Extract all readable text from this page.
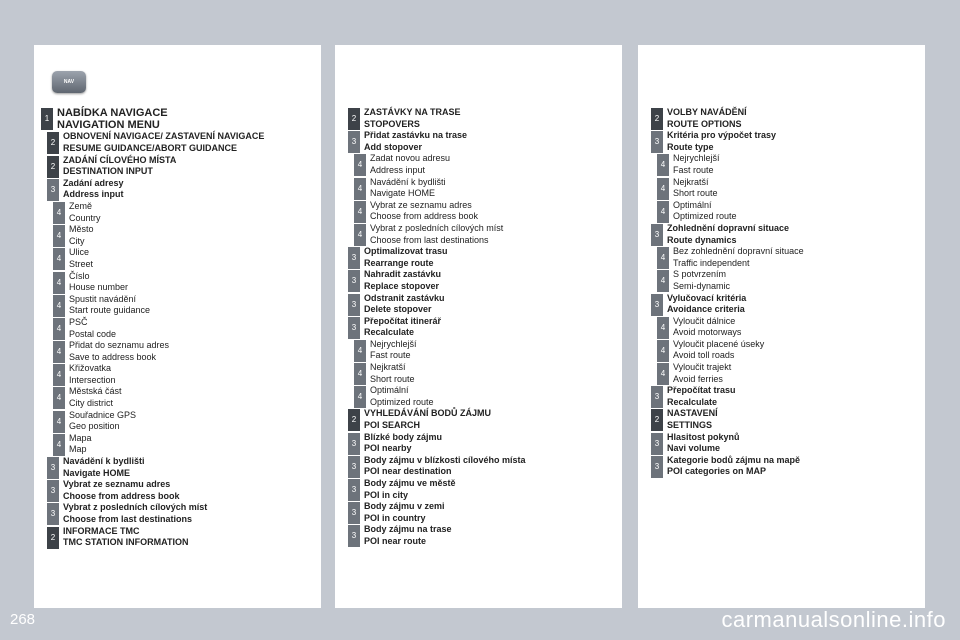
NAV
1 NABÍDKA NAVIGACE
NAVIGATION MENU
2
OBNOVENÍ NAVIGACE/ ZASTAVENÍ NAVIGACE
RESUME GUIDANCE/ABORT GUIDANCE
2
ZADÁNÍ CÍLOVÉHO MÍSTA
DESTINATION INPUT
3
Zadání adresy
Address input
4
Země
Country
4
Město
City
4
Ulice
Street
4
Číslo
House number
4
Spustit navádění
Start route guidance
4
PSČ
Postal code
4
Přidat do seznamu adres
Save to address book
4
Křižovatka
Intersection
4
Městská část
City district
4
Souřadnice GPS
Geo position
4
Mapa
Map
3
Navádění k bydlišti
Navigate HOME
3
Vybrat ze seznamu adres
Choose from address book
3
Vybrat z posledních cílových míst
Choose from last destinations
2
INFORMACE TMC
TMC STATION INFORMATION
2
ZASTÁVKY NA TRASE
STOPOVERS
3
Přidat zastávku na trase
Add stopover
4
Zadat novou adresu
Address input
4
Navádění k bydlišti
Navigate HOME
4
Vybrat ze seznamu adres
Choose from address book
4
Vybrat z posledních cílových míst
Choose from last destinations
3
Optimalizovat trasu
Rearrange route
3
Nahradit zastávku
Replace stopover
3
Odstranit zastávku
Delete stopover
3
Přepočítat itinerář
Recalculate
4
Nejrychlejší
Fast route
4
Nejkratší
Short route
4
Optimální
Optimized route
2
VYHLEDÁVÁNÍ BODŮ ZÁJMU
POI SEARCH
3
Blízké body zájmu
POI nearby
3
Body zájmu v blízkosti cílového místa
POI near destination
3
Body zájmu ve městě
POI in city
3
Body zájmu v zemi
POI in country
3
Body zájmu na trase
POI near route
2
VOLBY NAVÁDĚNÍ
ROUTE OPTIONS
3
Kritéria pro výpočet trasy
Route type
4
Nejrychlejší
Fast route
4
Nejkratší
Short route
4
Optimální
Optimized route
3
Zohlednění dopravní situace
Route dynamics
4
Bez zohlednění dopravní situace
Traffic independent
4
S potvrzením
Semi-dynamic
3
Vylučovací kritéria
Avoidance criteria
4
Vyloučit dálnice
Avoid motorways
4
Vyloučit placené úseky
Avoid toll roads
4
Vyloučit trajekt
Avoid ferries
3
Přepočítat trasu
Recalculate
2
NASTAVENÍ
SETTINGS
3
Hlasitost pokynů
Navi volume
3
Kategorie bodů zájmu na mapě
POI categories on MAP
268	carmanualsonline.info
